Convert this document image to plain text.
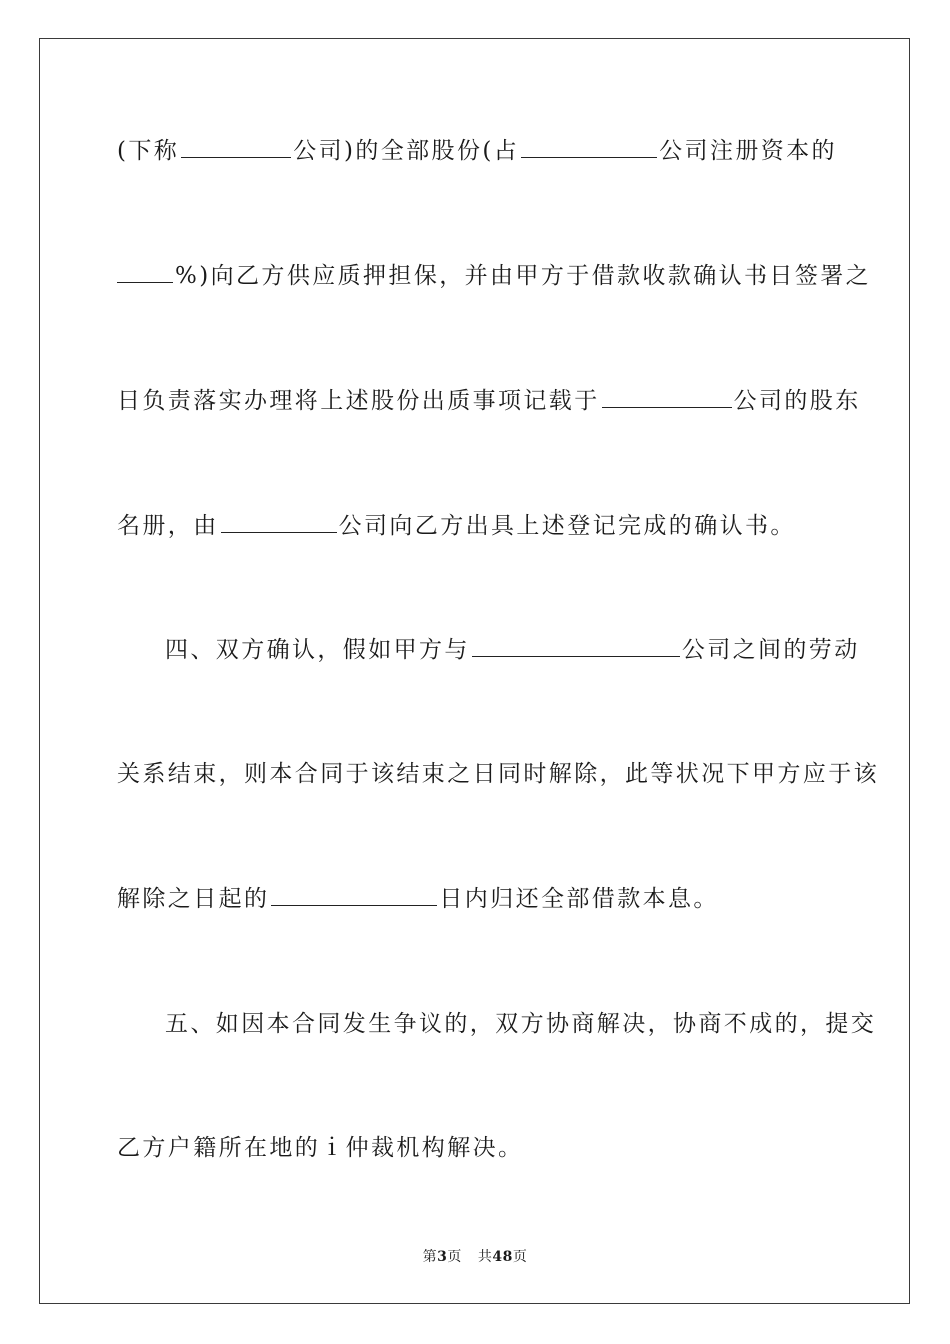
(下称	公司)的全部股份(占	公司注册资本的
%)向乙方供应质押担保，并由甲方于借款收款确认书日签署之
日负责落实办理将上述股份出质事项记载于	公司的股东
名册，由	公司向乙方出具上述登记完成的确认书。
四、双方确认，假如甲方与	公司之间的劳动
关系结束，则本合同于该结束之日同时解除，此等状况下甲方应于该
解除之日起的	日内归还全部借款本息。
五、如因本合同发生争议的，双方协商解决，协商不成的，提交
乙方户籍所在地的ｉ仲裁机构解决。
第3页 共48页
